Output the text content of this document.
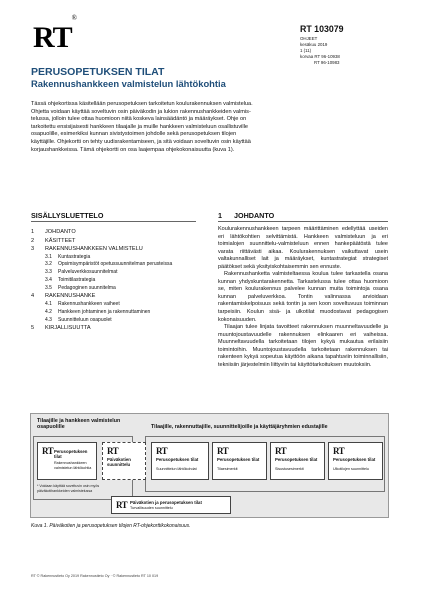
RT®
RT 103079
OHJEET
kesäkuu 2019
1 (11)
korvaa RT 96-10938
RT 96-10983
PERUSOPETUKSEN TILAT
Rakennushankkeen valmistelun lähtökohtia
Tässä ohjekortissa käsitellään perusopetuksen tarkoitetun koulurakennuksen valmistelua.
Ohjetta voidaan käyttää soveltuvin osin päiväkodin ja lukion rakennushankkeiden valmis-
telussa, jolloin tulee ottaa huomioon niitä koskeva lainsäädäntö ja määräykset. Ohje on
tarkoitettu ensisijaisesti hankkeen tilaajalle ja muille hankkeen valmisteluun osallistuville
osapuolille, esimerkiksi kunnan sivistystoimen johdolle sekä perusopetuksen tilojen
käyttäjille. Ohjekortti on tehty uudisrakentamiseen, ja sitä voidaan soveltuvin osin käyttää
korjaushankkeissa. Tämä ohjekortti on osa laajempaa ohjekokonaisuutta (kuva 1).
SISÄLLYSLUETTELO
1	JOHDANTO
2	KÄSITTEET
3	RAKENNUSHANKKEEN VALMISTELU
3.1	Kuntastrategia
3.2	Opsimisympäristöt opetussuunnitelman perusteissa
3.3	Palveluverkkosuunnitelmat
3.4	Toimitilastrategia
3.5	Pedagoginen suunnitelma
4	RAKENNUSHANKE
4.1	Rakennushankkeen vaiheet
4.2	Hankkeen johtaminen ja rakennuttaminen
4.3	Suunnitteluun osapuolet
5	KIRJALLISUUTTA
1 JOHDANTO

Koulurakennushankkeen tarpeen määrittäminen edellyttää useiden eri lähtökohtien selvittämistä. Hankkeen valmisteluun ja eri toimialojen suunnittelu-valmisteluun ennen hankepäätöstä tulee varata riittävästi aikaa. Koulurakennuksen vaikuttavat usein valtakunnalliset lait ja määräykset, kuntastrategiat strategiset päätökset sekä yksityiskohtaisemmin sen ennuste.

Rakennushanketta valmisteltaessa koulua tulee tarkastella osana kunnan yhdyskuntarakennetta. Tarkastelussa tulee ottaa huomioon se, miten koulurakennus palvelee kunnan muita toimintoja osana kunnan palveluverkkoa. Tontin valinnassa arvioidaan rakentamiskelpoisuus sekä tontin ja sen koon soveltuvuus toiminnan tarpeisiin. Koulun sisä- ja ulkotilat muodostavat pedagogisen kokonaisuuden.

Tilaajan tulee linjata tavoitteet rakennuksen muunneltavuudelle ja muuntojoustavuudelle rakennuksen elinkaaren eri vaiheissa. Muunneltavuudella tarkoitetaan tilojen kykyä mukautua erilaisiin toimintoihin. Muuntojoustavuudella tarkoitetaan rakennuksen tai rakenteen kykyä sopeutua käyttöön aikana tapahtuviin toiminnallisiin, tekniisiin järjestelmiin liittyviin tai käyttötarkoituksen muutoksiin.

Tilaajille ja hankkeen valmistelun osapuolille	Tilaajille, rakennuttajille, suunnittelijoille ja käyttäjäryhmien edustajille
RT Perusopetuksen tilat
Rakennushankkeen valmistelun lähtökohtia
RT
Päiväkotien suunnittelu
RT
Perusopetuksen tilat
Suunnittelun lähtökohdat
RT
Perusopetuksen tilat
Tilaesimerkit
RT
Perusopetuksen tilat
Sisustusesimerkit
RT
Perusopetuksen tilat
Ulkotilojen suunnittelu
RT Päiväkotien ja perusopetuksen tilat
Turvallisuuden suunnittelu
* Voidaan käyttää soveltuvin osin myös päiväkotihankkeiden valmistelussa
Kuva 1. Päiväkotien ja perusopetuksen tilojen RT-ohjekorttikokonaisuus.
RT © Rakennustieto Oy 2019 Rakennustieto Oy · © Rakennustieto RT 10 019
